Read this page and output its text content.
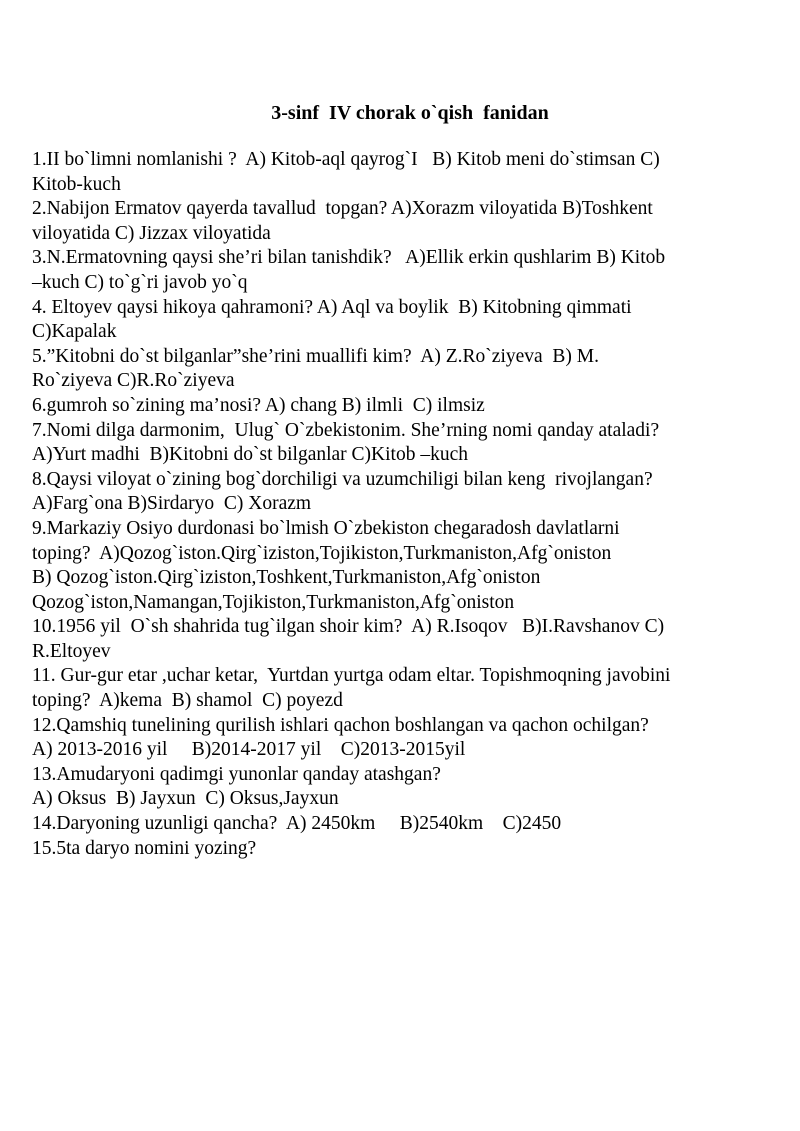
3-sinf  IV chorak o`qish  fanidan
1.II bo`limni nomlanishi ?  A) Kitob-aql qayrog`I   B) Kitob meni do`stimsan C)
Kitob-kuch
2.Nabijon Ermatov qayerda tavallud  topgan? A)Xorazm viloyatida B)Toshkent
viloyatida C) Jizzax viloyatida
3.N.Ermatovning qaysi she’ri bilan tanishdik?   A)Ellik erkin qushlarim B) Kitob
–kuch C) to`g`ri javob yo`q
4. Eltoyev qaysi hikoya qahramoni? A) Aql va boylik  B) Kitobning qimmati
C)Kapalak
5.”Kitobni do`st bilganlar”she’rini muallifi kim?  A) Z.Ro`ziyeva  B) M.
Ro`ziyeva C)R.Ro`ziyeva
6.gumroh so`zining ma’nosi? A) chang B) ilmli  C) ilmsiz
7.Nomi dilga darmonim,  Ulug` O`zbekistonim. She’rning nomi qanday ataladi?
A)Yurt madhi  B)Kitobni do`st bilganlar C)Kitob –kuch
8.Qaysi viloyat o`zining bog`dorchiligi va uzumchiligi bilan keng  rivojlangan?
A)Farg`ona B)Sirdaryo  C) Xorazm
9.Markaziy Osiyo durdonasi bo`lmish O`zbekiston chegaradosh davlatlarni
toping?  A)Qozog`iston.Qirg`iziston,Tojikiston,Turkmaniston,Afg`oniston
B) Qozog`iston.Qirg`iziston,Toshkent,Turkmaniston,Afg`oniston
Qozog`iston,Namangan,Tojikiston,Turkmaniston,Afg`oniston
10.1956 yil  O`sh shahrida tug`ilgan shoir kim?  A) R.Isoqov   B)I.Ravshanov C)
R.Eltoyev
11. Gur-gur etar ,uchar ketar,  Yurtdan yurtga odam eltar. Topishmoqning javobini
toping?  A)kema  B) shamol  C) poyezd
12.Qamshiq tunelining qurilish ishlari qachon boshlangan va qachon ochilgan?
A) 2013-2016 yil     B)2014-2017 yil    C)2013-2015yil
13.Amudaryoni qadimgi yunonlar qanday atashgan?
A) Oksus  B) Jayxun  C) Oksus,Jayxun
14.Daryoning uzunligi qancha?  A) 2450km     B)2540km    C)2450
15.5ta daryo nomini yozing?
